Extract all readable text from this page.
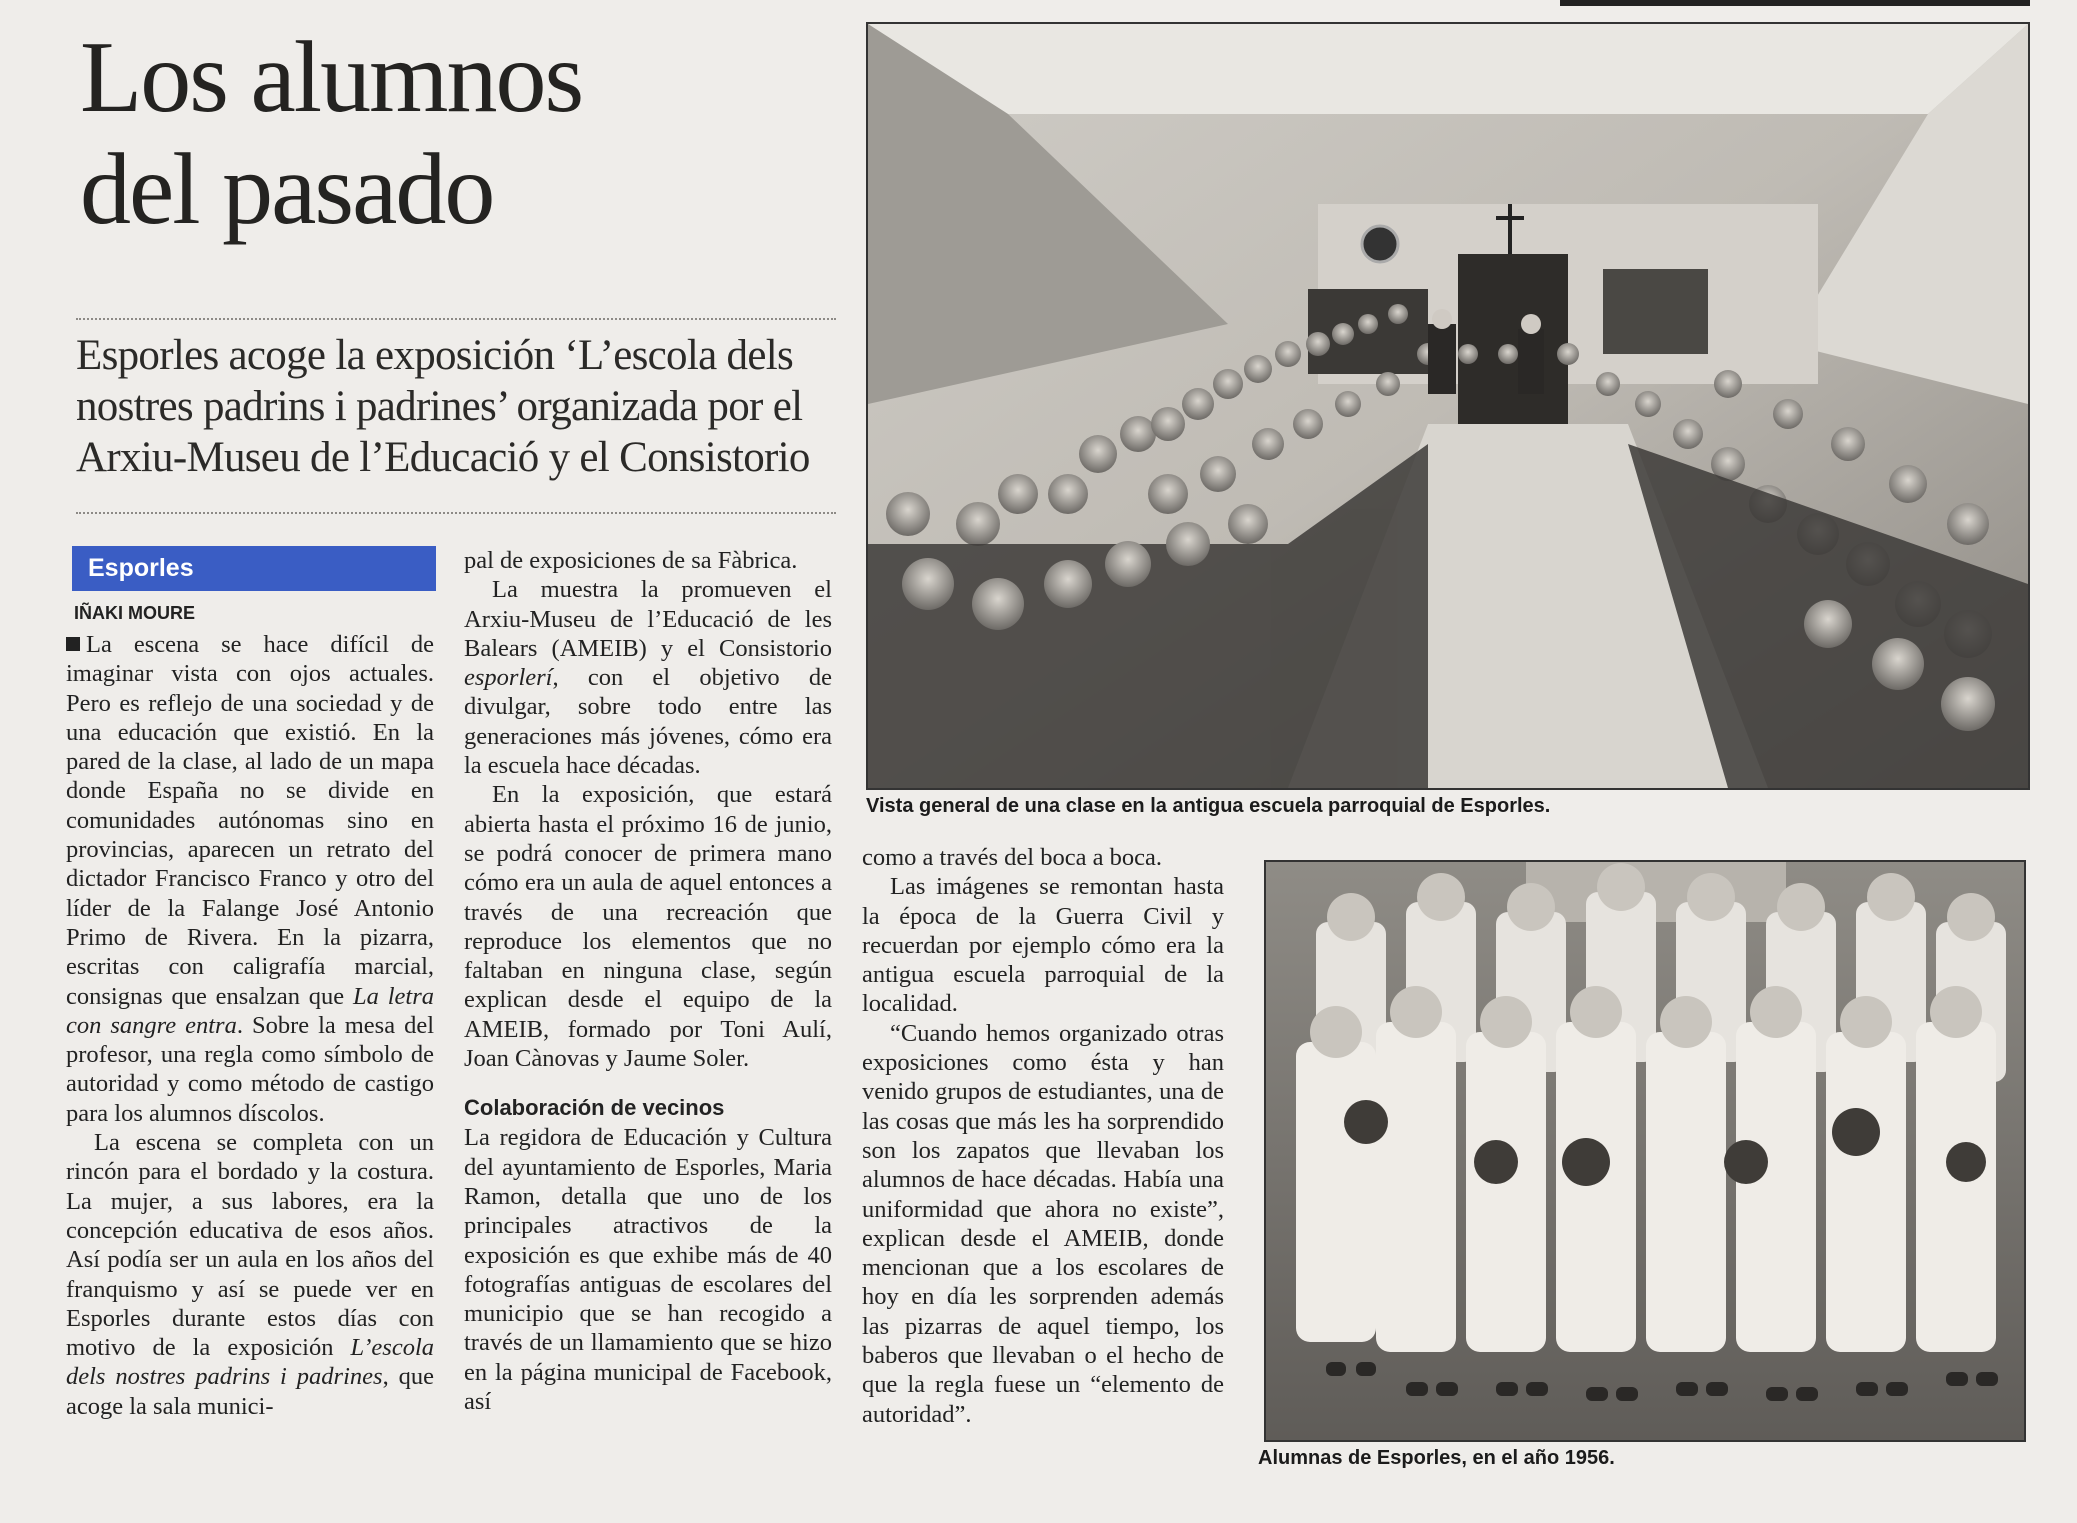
Los alumnos
del pasado
Esporles acoge la exposición ‘L’escola dels nostres padrins i padrines’ organizada por el Arxiu-Museu de l’Educació y el Consistorio
Esporles
IÑAKI MOURE

La escena se hace difícil de imaginar vista con ojos actuales. Pero es reflejo de una sociedad y de una educación que existió. En la pared de la clase, al lado de un mapa donde España no se divide en comunidades autónomas sino en provincias, aparecen un retrato del dictador Francisco Franco y otro del líder de la Falange José Antonio Primo de Rivera. En la pizarra, escritas con caligrafía marcial, consignas que ensalzan que La letra con sangre entra. Sobre la mesa del profesor, una regla como símbolo de autoridad y como método de castigo para los alumnos díscolos.

La escena se completa con un rincón para el bordado y la costura. La mujer, a sus labores, era la concepción educativa de esos años. Así podía ser un aula en los años del franquismo y así se puede ver en Esporles durante estos días con motivo de la exposición L’escola dels nostres padrins i padrines, que acoge la sala munici-

pal de exposiciones de sa Fàbrica.

La muestra la promueven el Arxiu-Museu de l’Educació de les Balears (AMEIB) y el Consistorio esporlerí, con el objetivo de divulgar, sobre todo entre las generaciones más jóvenes, cómo era la escuela hace décadas.

En la exposición, que estará abierta hasta el próximo 16 de junio, se podrá conocer de primera mano cómo era un aula de aquel entonces a través de una recreación que reproduce los elementos que no faltaban en ninguna clase, según explican desde el equipo de la AMEIB, formado por Toni Aulí, Joan Cànovas y Jaume Soler.

Colaboración de vecinos

La regidora de Educación y Cultura del ayuntamiento de Esporles, Maria Ramon, detalla que uno de los principales atractivos de la exposición es que exhibe más de 40 fotografías antiguas de escolares del municipio que se han recogido a través de un llamamiento que se hizo en la página municipal de Facebook, así

como a través del boca a boca.

Las imágenes se remontan hasta la época de la Guerra Civil y recuerdan por ejemplo cómo era la antigua escuela parroquial de la localidad.

“Cuando hemos organizado otras exposiciones como ésta y han venido grupos de estudiantes, una de las cosas que más les ha sorprendido son los zapatos que llevaban los alumnos de hace décadas. Había una uniformidad que ahora no existe”, explican desde el AMEIB, donde mencionan que a los escolares de hoy en día les sorprenden además las pizarras de aquel tiempo, los baberos que llevaban o el hecho de que la regla fuese un “elemento de autoridad”.

Vista general de una clase en la antigua escuela parroquial de Esporles.
Alumnas de Esporles, en el año 1956.
